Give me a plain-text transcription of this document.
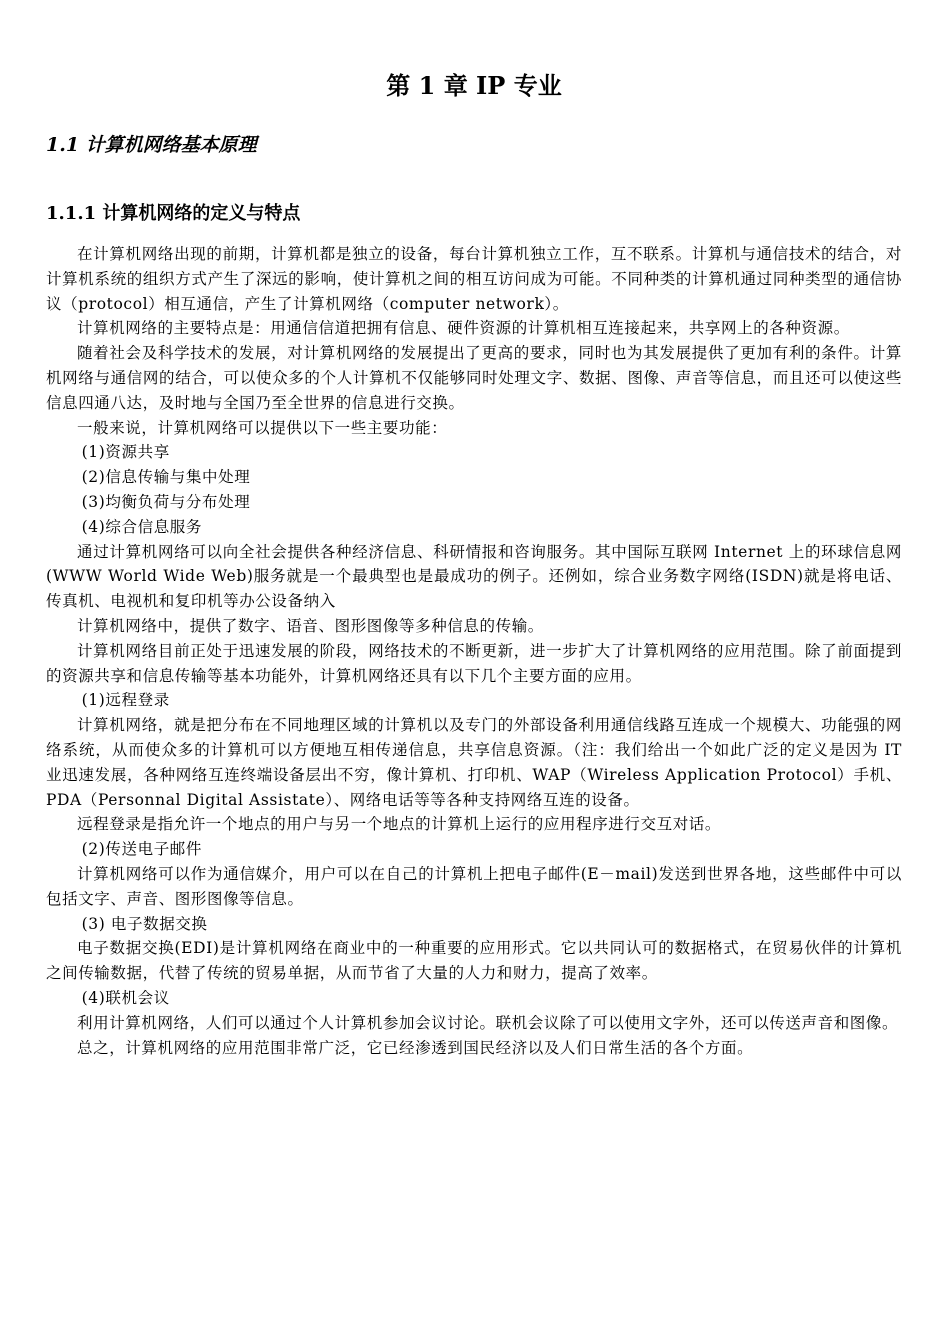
第 1 章 IP 专业
1.1 计算机网络基本原理
1.1.1 计算机网络的定义与特点

在计算机网络出现的前期，计算机都是独立的设备，每台计算机独立工作，互不联系。计算机与通信技术的结合，对计算机系统的组织方式产生了深远的影响，使计算机之间的相互访问成为可能。不同种类的计算机通过同种类型的通信协议（protocol）相互通信，产生了计算机网络（computer network）。

计算机网络的主要特点是：用通信信道把拥有信息、硬件资源的计算机相互连接起来，共享网上的各种资源。

随着社会及科学技术的发展，对计算机网络的发展提出了更高的要求，同时也为其发展提供了更加有利的条件。计算机网络与通信网的结合，可以使众多的个人计算机不仅能够同时处理文字、数据、图像、声音等信息，而且还可以使这些信息四通八达，及时地与全国乃至全世界的信息进行交换。

一般来说，计算机网络可以提供以下一些主要功能：

(1)资源共享

(2)信息传输与集中处理

(3)均衡负荷与分布处理

(4)综合信息服务

通过计算机网络可以向全社会提供各种经济信息、科研情报和咨询服务。其中国际互联网 Internet 上的环球信息网(WWW World Wide Web)服务就是一个最典型也是最成功的例子。还例如，综合业务数字网络(ISDN)就是将电话、传真机、电视机和复印机等办公设备纳入

计算机网络中，提供了数字、语音、图形图像等多种信息的传输。

计算机网络目前正处于迅速发展的阶段，网络技术的不断更新，进一步扩大了计算机网络的应用范围。除了前面提到的资源共享和信息传输等基本功能外，计算机网络还具有以下几个主要方面的应用。

(1)远程登录

计算机网络，就是把分布在不同地理区域的计算机以及专门的外部设备利用通信线路互连成一个规模大、功能强的网络系统，从而使众多的计算机可以方便地互相传递信息，共享信息资源。（注：我们给出一个如此广泛的定义是因为 IT 业迅速发展，各种网络互连终端设备层出不穷，像计算机、打印机、WAP（Wireless Application Protocol）手机、PDA（Personnal Digital Assistate）、网络电话等等各种支持网络互连的设备。

远程登录是指允许一个地点的用户与另一个地点的计算机上运行的应用程序进行交互对话。

(2)传送电子邮件

计算机网络可以作为通信媒介，用户可以在自己的计算机上把电子邮件(E－mail)发送到世界各地，这些邮件中可以包括文字、声音、图形图像等信息。

(3) 电子数据交换

电子数据交换(EDI)是计算机网络在商业中的一种重要的应用形式。它以共同认可的数据格式，在贸易伙伴的计算机之间传输数据，代替了传统的贸易单据，从而节省了大量的人力和财力，提高了效率。

(4)联机会议

利用计算机网络，人们可以通过个人计算机参加会议讨论。联机会议除了可以使用文字外，还可以传送声音和图像。

总之，计算机网络的应用范围非常广泛，它已经渗透到国民经济以及人们日常生活的各个方面。
